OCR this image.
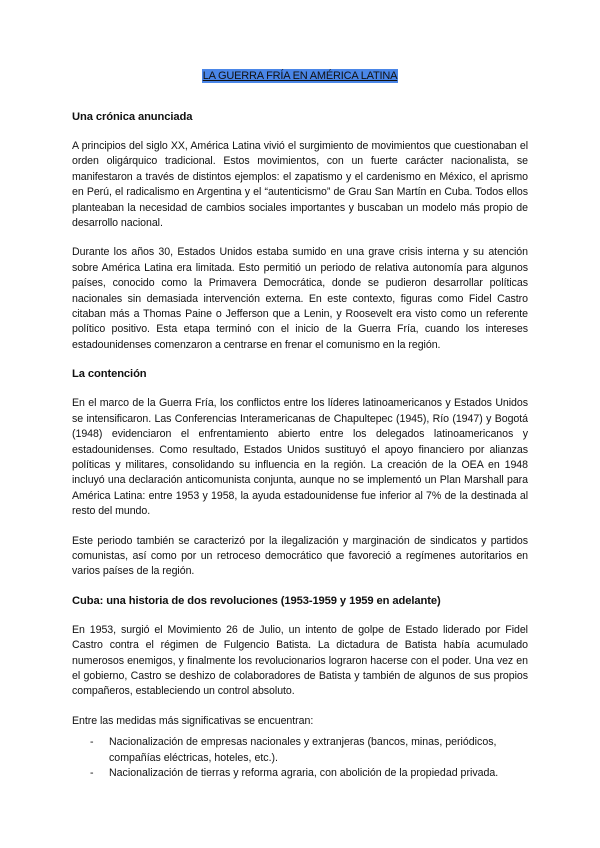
LA GUERRA FRÍA EN AMÉRICA LATINA
Una crónica anunciada

A principios del siglo XX, América Latina vivió el surgimiento de movimientos que cuestionaban el orden oligárquico tradicional. Estos movimientos, con un fuerte carácter nacionalista, se manifestaron a través de distintos ejemplos: el zapatismo y el cardenismo en México, el aprismo en Perú, el radicalismo en Argentina y el “autenticismo” de Grau San Martín en Cuba. Todos ellos planteaban la necesidad de cambios sociales importantes y buscaban un modelo más propio de desarrollo nacional.

Durante los años 30, Estados Unidos estaba sumido en una grave crisis interna y su atención sobre América Latina era limitada. Esto permitió un periodo de relativa autonomía para algunos países, conocido como la Primavera Democrática, donde se pudieron desarrollar políticas nacionales sin demasiada intervención externa. En este contexto, figuras como Fidel Castro citaban más a Thomas Paine o Jefferson que a Lenin, y Roosevelt era visto como un referente político positivo. Esta etapa terminó con el inicio de la Guerra Fría, cuando los intereses estadounidenses comenzaron a centrarse en frenar el comunismo en la región.

La contención

En el marco de la Guerra Fría, los conflictos entre los líderes latinoamericanos y Estados Unidos se intensificaron. Las Conferencias Interamericanas de Chapultepec (1945), Río (1947) y Bogotá (1948) evidenciaron el enfrentamiento abierto entre los delegados latinoamericanos y estadounidenses. Como resultado, Estados Unidos sustituyó el apoyo financiero por alianzas políticas y militares, consolidando su influencia en la región. La creación de la OEA en 1948 incluyó una declaración anticomunista conjunta, aunque no se implementó un Plan Marshall para América Latina: entre 1953 y 1958, la ayuda estadounidense fue inferior al 7% de la destinada al resto del mundo.

Este periodo también se caracterizó por la ilegalización y marginación de sindicatos y partidos comunistas, así como por un retroceso democrático que favoreció a regímenes autoritarios en varios países de la región.

Cuba: una historia de dos revoluciones (1953-1959 y 1959 en adelante)

En 1953, surgió el Movimiento 26 de Julio, un intento de golpe de Estado liderado por Fidel Castro contra el régimen de Fulgencio Batista. La dictadura de Batista había acumulado numerosos enemigos, y finalmente los revolucionarios lograron hacerse con el poder. Una vez en el gobierno, Castro se deshizo de colaboradores de Batista y también de algunos de sus propios compañeros, estableciendo un control absoluto.

Entre las medidas más significativas se encuentran:

- Nacionalización de empresas nacionales y extranjeras (bancos, minas, periódicos, compañías eléctricas, hoteles, etc.).
- Nacionalización de tierras y reforma agraria, con abolición de la propiedad privada.
